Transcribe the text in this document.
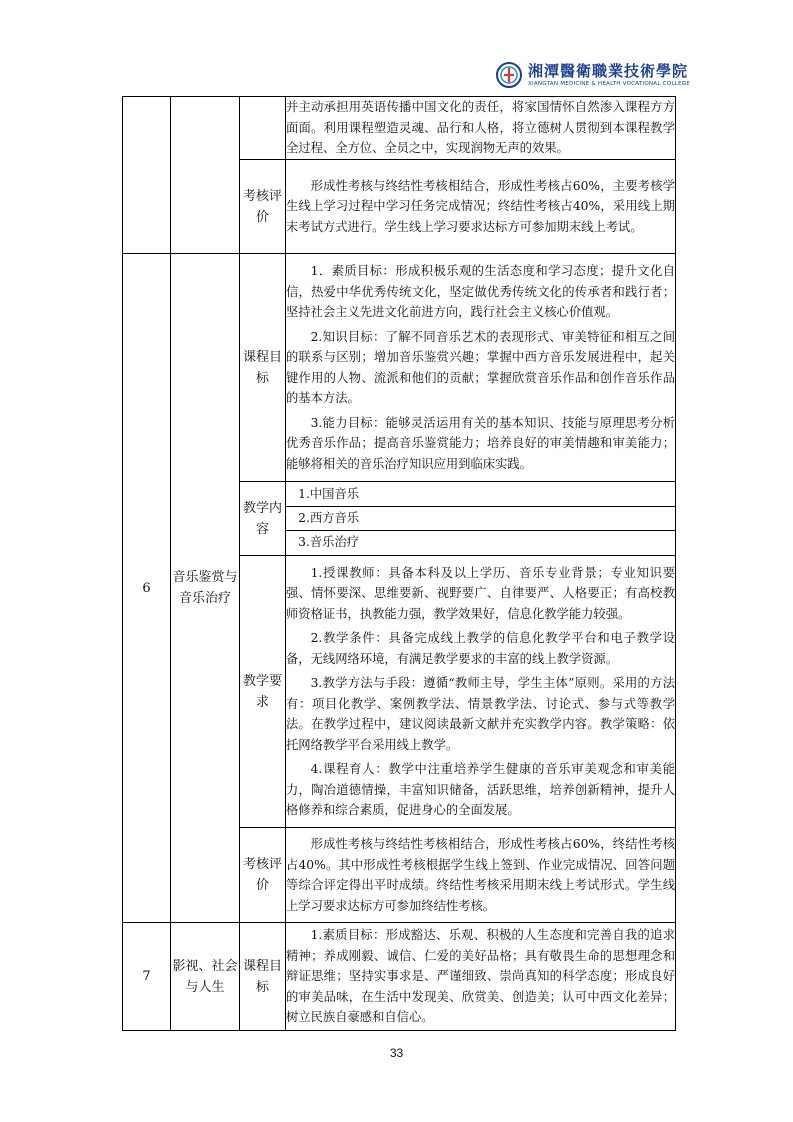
湘潭醫衛職業技術學院
XIANGTAN MEDICINE & HEALTH VOCATIONAL COLLEGE

			并主动承担用英语传播中国文化的责任，将家国情怀自然渗入课程方方面面。利用课程塑造灵魂、品行和人格，将立德树人贯彻到本课程教学全过程、全方位、全员之中，实现润物无声的效果。

		考核评价	形成性考核与终结性考核相结合，形成性考核占60%，主要考核学生线上学习过程中学习任务完成情况；终结性考核占40%，采用线上期末考试方式进行。学生线上学习要求达标方可参加期末线上考试。

6	音乐鉴赏与音乐治疗	课程目标	1．素质目标：形成积极乐观的生活态度和学习态度；提升文化自信，热爱中华优秀传统文化，坚定做优秀传统文化的传承者和践行者；坚持社会主义先进文化前进方向，践行社会主义核心价值观。

2.知识目标：了解不同音乐艺术的表现形式、审美特征和相互之间的联系与区别；增加音乐鉴赏兴趣；掌握中西方音乐发展进程中，起关键作用的人物、流派和他们的贡献；掌握欣赏音乐作品和创作音乐作品的基本方法。

3.能力目标：能够灵活运用有关的基本知识、技能与原理思考分析优秀音乐作品；提高音乐鉴赏能力；培养良好的审美情趣和审美能力；能够将相关的音乐治疗知识应用到临床实践。

		教学内容	1.中国音乐
2.西方音乐
3.音乐治疗

		教学要求	1.授课教师：具备本科及以上学历、音乐专业背景；专业知识要强、情怀要深、思维要新、视野要广、自律要严、人格要正；有高校教师资格证书，执教能力强，教学效果好，信息化教学能力较强。

2.教学条件：具备完成线上教学的信息化教学平台和电子教学设备，无线网络环境，有满足教学要求的丰富的线上教学资源。

3.教学方法与手段：遵循“教师主导，学生主体”原则。采用的方法有：项目化教学、案例教学法、情景教学法、讨论式、参与式等教学法。在教学过程中，建议阅读最新文献并充实教学内容。教学策略：依托网络教学平台采用线上教学。

4.课程育人：教学中注重培养学生健康的音乐审美观念和审美能力，陶冶道德情操，丰富知识储备，活跃思维，培养创新精神，提升人格修养和综合素质，促进身心的全面发展。

		考核评价	形成性考核与终结性考核相结合，形成性考核占60%，终结性考核占40%。其中形成性考核根据学生线上签到、作业完成情况、回答问题等综合评定得出平时成绩。终结性考核采用期末线上考试形式。学生线上学习要求达标方可参加终结性考核。

7	影视、社会与人生	课程目标	1.素质目标：形成豁达、乐观、积极的人生态度和完善自我的追求精神；养成刚毅、诚信、仁爱的美好品格；具有敬畏生命的思想理念和辩证思维；坚持实事求是、严谨细致、崇尚真知的科学态度；形成良好的审美品味，在生活中发现美、欣赏美、创造美；认可中西文化差异；树立民族自豪感和自信心。

33
